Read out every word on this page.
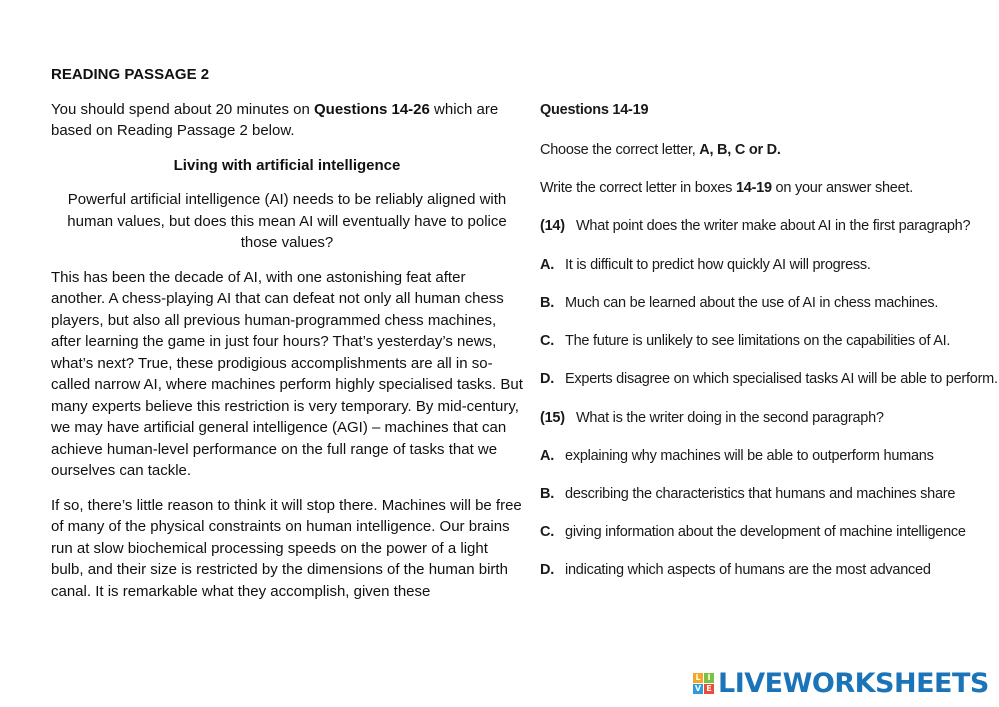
READING PASSAGE 2

You should spend about 20 minutes on Questions 14-26 which are based on Reading Passage 2 below.

Living with artificial intelligence

Powerful artificial intelligence (AI) needs to be reliably aligned with human values, but does this mean AI will eventually have to police those values?

This has been the decade of AI, with one astonishing feat after another. A chess-playing AI that can defeat not only all human chess players, but also all previous human-programmed chess machines, after learning the game in just four hours? That’s yesterday’s news, what’s next? True, these prodigious accomplishments are all in so-called narrow AI, where machines perform highly specialised tasks. But many experts believe this restriction is very temporary. By mid-century, we may have artificial general intelligence (AGI) – machines that can achieve human-level performance on the full range of tasks that we ourselves can tackle.

If so, there’s little reason to think it will stop there. Machines will be free of many of the physical constraints on human intelligence. Our brains run at slow biochemical processing speeds on the power of a light bulb, and their size is restricted by the dimensions of the human birth canal. It is remarkable what they accomplish, given these

Questions 14-19
Choose the correct letter, A, B, C or D.
Write the correct letter in boxes 14-19 on your answer sheet.
(14) What point does the writer make about AI in the first paragraph?
A. It is difficult to predict how quickly AI will progress.
B. Much can be learned about the use of AI in chess machines.
C. The future is unlikely to see limitations on the capabilities of AI.
D. Experts disagree on which specialised tasks AI will be able to perform.
(15) What is the writer doing in the second paragraph?
A. explaining why machines will be able to outperform humans
B. describing the characteristics that humans and machines share
C. giving information about the development of machine intelligence
D. indicating which aspects of humans are the most advanced
L I
V E LIVEWORKSHEETS
